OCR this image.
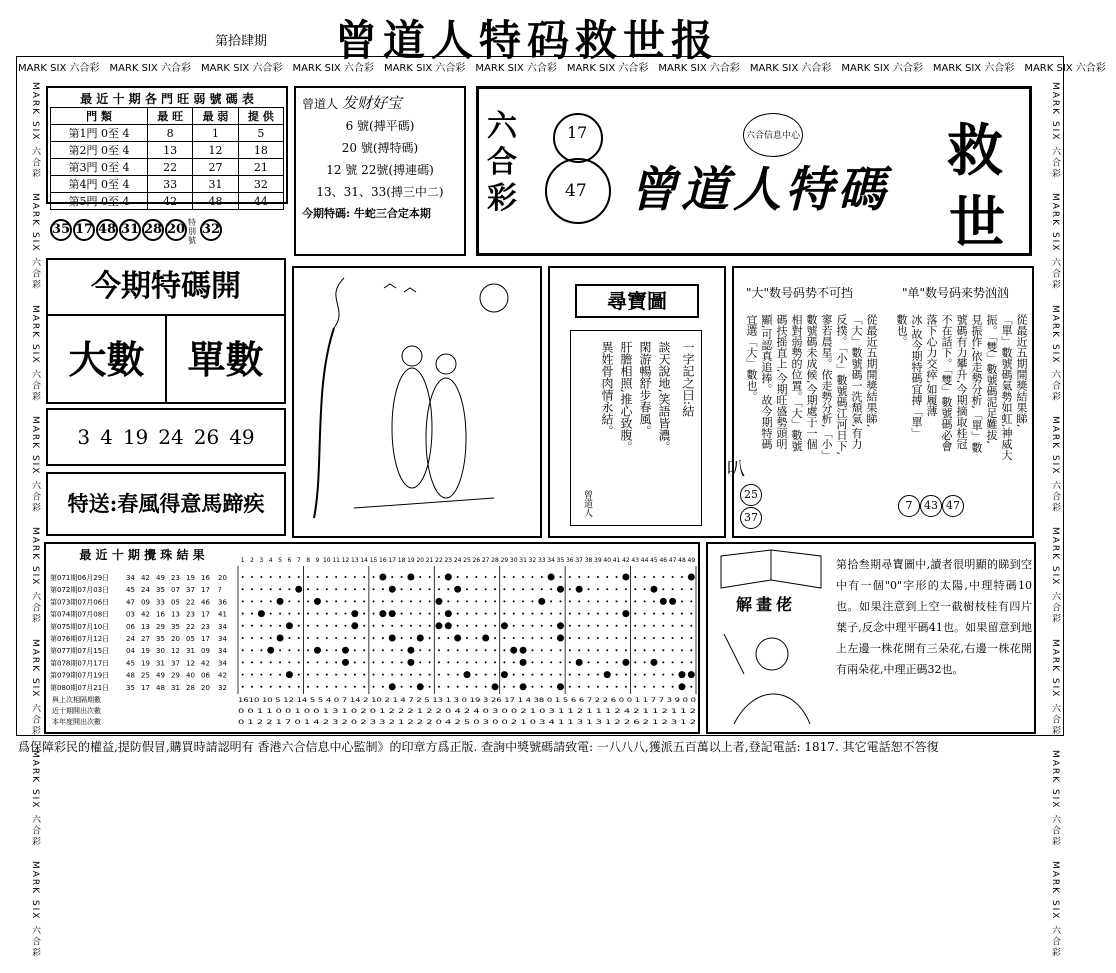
第拾肆期 曾道人特码救世报
MARK SIX 六合彩 MARK SIX 六合彩 MARK SIX 六合彩 MARK SIX 六合彩 MARK SIX 六合彩 MARK SIX 六合彩 MARK SIX 六合彩 MARK SIX 六合彩 MARK SIX 六合彩 MARK SIX 六合彩 MARK SIX 六合彩 MARK SIX 六合彩
MARK SIX 六合彩MARK SIX 六合彩MARK SIX 六合彩MARK SIX 六合彩MARK SIX 六合彩MARK SIX 六合彩MARK SIX 六合彩MARK SIX 六合彩
MARK SIX 六合彩MARK SIX 六合彩MARK SIX 六合彩MARK SIX 六合彩MARK SIX 六合彩MARK SIX 六合彩MARK SIX 六合彩MARK SIX 六合彩
最 近 十 期 各 門 旺 弱 號 碼 表
門 類	最 旺	最 弱	提 供
第1門 0至 4	8	1	5
第2門 0至 4	13	12	18
第3門 0至 4	22	27	21
第4門 0至 4	33	31	32
第5門 0至 4	42	48	44
35 17 48 31 28 20 特別號32
曾道人 发财好宝
6 號(搏平碼)
20 號(搏特碼)
12 號 22號(搏連碼)
13、31、33(搏三中二)
今期特碼: 牛蛇三合定本期
六合彩
17
47
六合信息中心
曾道人特碼
救
世
今期特碼開
大數	單數
3 4 19 24 26 49
特送:春風得意馬蹄疾
尋寶圖
一字記之曰:結
談天說地,笑語皆濃。
閑游暢舒步春風。
肝膽相照,推心致腹。
異姓骨肉情永結。
曾道人
叭
"大"数号码势不可挡	"单"数号码来势汹汹
從最近五期開獎結果睇,
「大」數號碼一洗頹氣,有力
反撲。「小」數號碼江河日下,
寥若晨星。依走勢分析,「小」
數號碼未成候,今期處于一個
相對弱勢的位置。「大」數號
碼扶摇直上,今期旺盛勢頭明
顯,可認真追捧。故今期特碼
宜選「大」數也。	從最近五期開獎結果睇,
「單」數號碼氣勢如虹,神威大
振。「雙」數號碼泥足難拔,
見振作,依走勢分析,「單」數
號碼有力攀升,今期摘取桂冠
不在話下。「雙」數號碼必會
落下心力交瘁,如履薄
冰,故今期特碼宜搏「單」
數也。
2537
7 43 47
最 近 十 期 攪 珠 結 果	1 2 3 4 5 6 7 8 9 10 11 12 13 14 15 16 17 18 19 20 21 22 23 24 25 26 27 28 29 30 31 32 33 34 35 36 37 38 39 40 41 42 43 44 45 46 47 48 49
第071期06月29日 34 42 49 23 19 16 20
第072期07月03日 45 24 35 07 37 17 ?
第073期07月06日 47 09 33 05 22 46 36
第074期07月08日 03 42 16 13 23 17 41
第075期07月10日 06 13 29 35 22 23 34
第076期07月12日 24 27 35 20 05 17 34
第077期07月15日 04 19 30 12 31 09 34
第078期07月17日 45 19 31 37 12 42 34
第079期07月19日 48 25 49 29 40 06 42
第080期07月21日 35 17 48 31 28 20 32
與上次相隔期數	1610 10 5 12 14 5 5 4 0 7 14 2 10 2 1 4 7 2 5 13 1 3 0 19 3 26 17 1 4 38 0 1 5 6 6 7 2 2 6 0 0 1 1 7 7 3 9 0 0
近十期開出次數	0 0 1 1 0 0 1 0 0 1 3 1 0 2 0 1 2 2 2 1 2 2 0 4 2 4 0 3 0 0 2 1 0 3 1 1 2 1 1 1 2 4 2 1 1 2 1 1 2
本年度開出次數	0 1 2 2 1 7 0 1 4 2 3 2 0 2 3 3 2 1 2 2 2 0 4 2 5 0 3 0 0 2 1 0 3 4 1 1 3 1 3 1 2 2 6 2 1 2 3 1 2
解畫佬
第拾叁期尋寶圖中,讀者很明顯的睇到空中有一個"0"字形的太陽,中理特碼10也。如果注意到上空一截樹枝桂有四片葉子,反念中理平碼41也。如果留意到地上左邊一株花開有三朵花,右邊一株花開有兩朵花,中理正碼32也。
爲保障彩民的權益,提防假冒,購買時請認明有 香港六合信息中心監制》的印章方爲正版. 查詢中獎號碼請致電: 一八八八,獲派五百萬以上者,登記電話: 1817. 其它電話恕不答復
